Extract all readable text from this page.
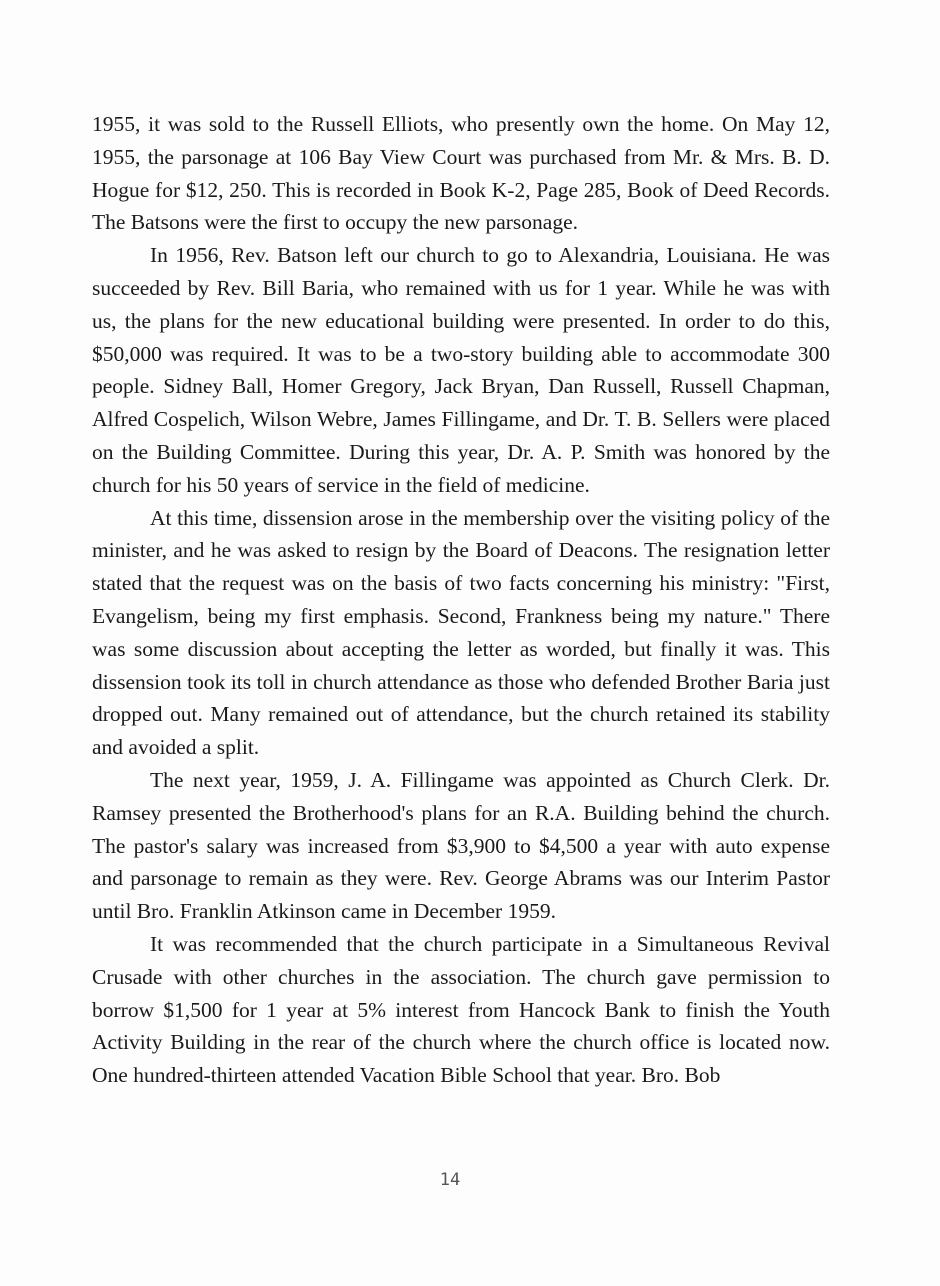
1955, it was sold to the Russell Elliots, who presently own the home. On May 12, 1955, the parsonage at 106 Bay View Court was purchased from Mr. & Mrs. B. D. Hogue for $12, 250. This is recorded in Book K-2, Page 285, Book of Deed Records. The Batsons were the first to occupy the new parsonage.

In 1956, Rev. Batson left our church to go to Alexandria, Louisiana. He was succeeded by Rev. Bill Baria, who remained with us for 1 year. While he was with us, the plans for the new educational building were presented. In order to do this, $50,000 was required. It was to be a two-story building able to accommodate 300 people. Sidney Ball, Homer Gregory, Jack Bryan, Dan Russell, Russell Chapman, Alfred Cospelich, Wilson Webre, James Fillingame, and Dr. T. B. Sellers were placed on the Building Committee. During this year, Dr. A. P. Smith was honored by the church for his 50 years of service in the field of medicine.

At this time, dissension arose in the membership over the visiting policy of the minister, and he was asked to resign by the Board of Deacons. The resignation letter stated that the request was on the basis of two facts concerning his ministry: "First, Evangelism, being my first emphasis. Second, Frankness being my nature." There was some discussion about accepting the letter as worded, but finally it was. This dissension took its toll in church attendance as those who defended Brother Baria just dropped out. Many remained out of attendance, but the church retained its stability and avoided a split.

The next year, 1959, J. A. Fillingame was appointed as Church Clerk. Dr. Ramsey presented the Brotherhood's plans for an R.A. Building behind the church. The pastor's salary was increased from $3,900 to $4,500 a year with auto expense and parsonage to remain as they were. Rev. George Abrams was our Interim Pastor until Bro. Franklin Atkinson came in December 1959.

It was recommended that the church participate in a Simultaneous Revival Crusade with other churches in the association. The church gave permission to borrow $1,500 for 1 year at 5% interest from Hancock Bank to finish the Youth Activity Building in the rear of the church where the church office is located now. One hundred-thirteen attended Vacation Bible School that year. Bro. Bob

14
